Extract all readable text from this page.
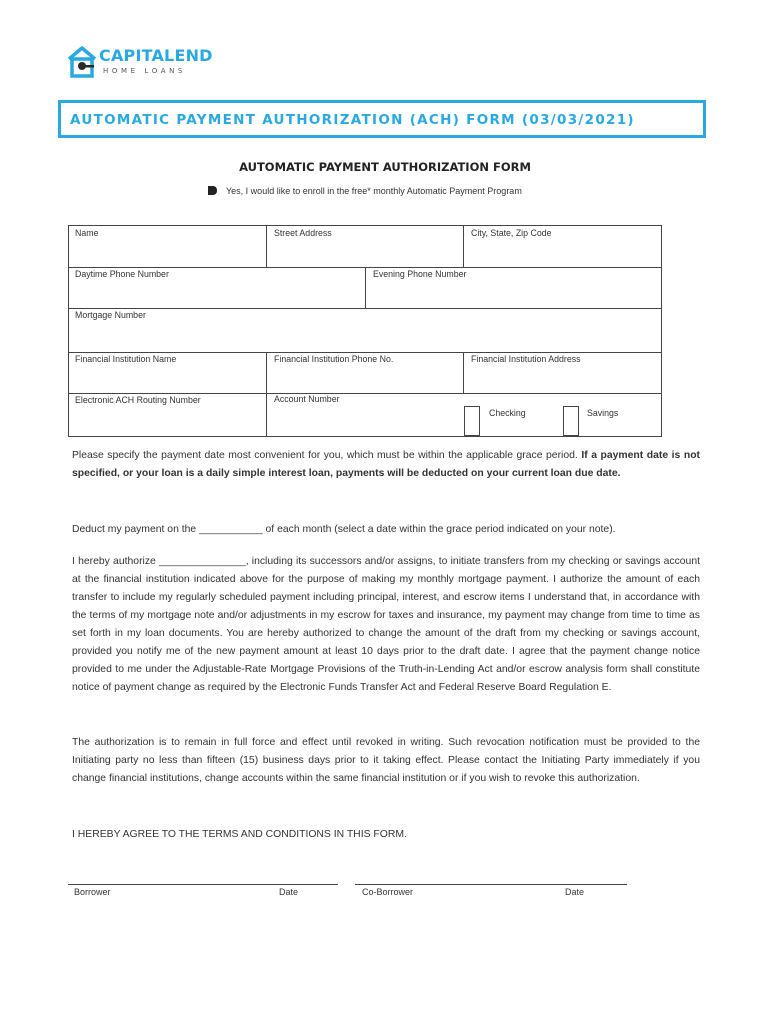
CAPITALEND
HOME LOANS
AUTOMATIC PAYMENT AUTHORIZATION (ACH) FORM (03/03/2021)
AUTOMATIC PAYMENT AUTHORIZATION FORM
Yes, I would like to enroll in the free* monthly Automatic Payment Program
Name	Street Address	City, State, Zip Code
Daytime Phone Number	Evening Phone Number
Mortgage Number
Financial Institution Name	Financial Institution Phone No.	Financial Institution Address
Electronic ACH Routing Number	Account Number
Checking	Savings
Please specify the payment date most convenient for you, which must be within the applicable grace period. If a payment date is not specified, or your loan is a daily simple interest loan, payments will be deducted on your current loan due date.
Deduct my payment on the ___________ of each month (select a date within the grace period indicated on your note).
I hereby authorize _______________, including its successors and/or assigns, to initiate transfers from my checking or savings account at the financial institution indicated above for the purpose of making my monthly mortgage payment. I authorize the amount of each transfer to include my regularly scheduled payment including principal, interest, and escrow items I understand that, in accordance with the terms of my mortgage note and/or adjustments in my escrow for taxes and insurance, my payment may change from time to time as set forth in my loan documents. You are hereby authorized to change the amount of the draft from my checking or savings account, provided you notify me of the new payment amount at least 10 days prior to the draft date. I agree that the payment change notice provided to me under the Adjustable-Rate Mortgage Provisions of the Truth-in-Lending Act and/or escrow analysis form shall constitute notice of payment change as required by the Electronic Funds Transfer Act and Federal Reserve Board Regulation E.
The authorization is to remain in full force and effect until revoked in writing. Such revocation notification must be provided to the Initiating party no less than fifteen (15) business days prior to it taking effect. Please contact the Initiating Party immediately if you change financial institutions, change accounts within the same financial institution or if you wish to revoke this authorization.
I HEREBY AGREE TO THE TERMS AND CONDITIONS IN THIS FORM.
Borrower	Date	Co-Borrower	Date
